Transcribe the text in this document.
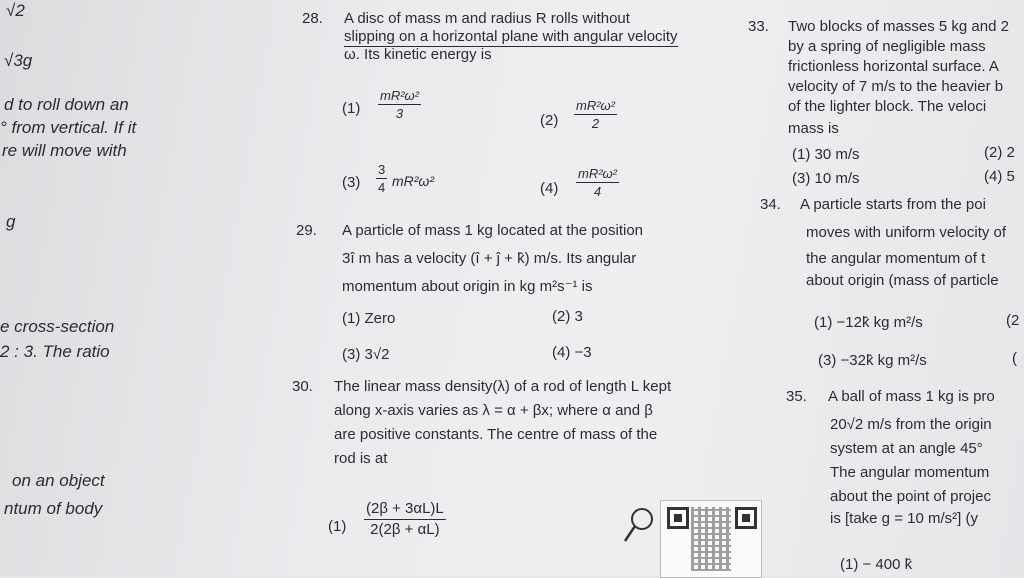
√2
√3g
d to roll down an
° from vertical. If it
re will move with
g
e cross-section
2 : 3. The ratio
on an object
ntum of body
28. A disc of mass m and radius R rolls without
slipping on a horizontal plane with angular velocity
ω. Its kinetic energy is
$(1) \frac{\text{mR²ω²}}{3}$	$(2) \frac{\text{mR²ω²}}{2}$
$(3) \frac{3}{4} mR^2\omega^2$	$(4) \frac{\text{mR²ω²}}{4}$
29. A particle of mass 1 kg located at the position
3î m has a velocity (î + ĵ + k̂) m/s. Its angular
momentum about origin in kg m²s⁻¹ is
(1) Zero	(2) 3
(3) 3√2	(4) −3
30. The linear mass density(λ) of a rod of length L kept
along x-axis varies as λ = α + βx; where α and β
are positive constants. The centre of mass of the
rod is at
$(1) \frac{(2\beta + 3\alpha L)L}{2(2\beta + \alpha L)}$
33. Two blocks of masses 5 kg and 2
by a spring of negligible mass
frictionless horizontal surface. A
velocity of 7 m/s to the heavier b
of the lighter block. The veloci
mass is
(1) 30 m/s	(2) 2
(3) 10 m/s	(4) 5
34. A particle starts from the poi
moves with uniform velocity of
the angular momentum of t
about origin (mass of particle
(1) −12k̂ kg m²/s	(2
(3) −32k̂ kg m²/s	(
35. A ball of mass 1 kg is pro
20√2 m/s from the origin
system at an angle 45°
The angular momentum
about the point of projec
is [take g = 10 m/s²] (y
(1) − 400 k̂
